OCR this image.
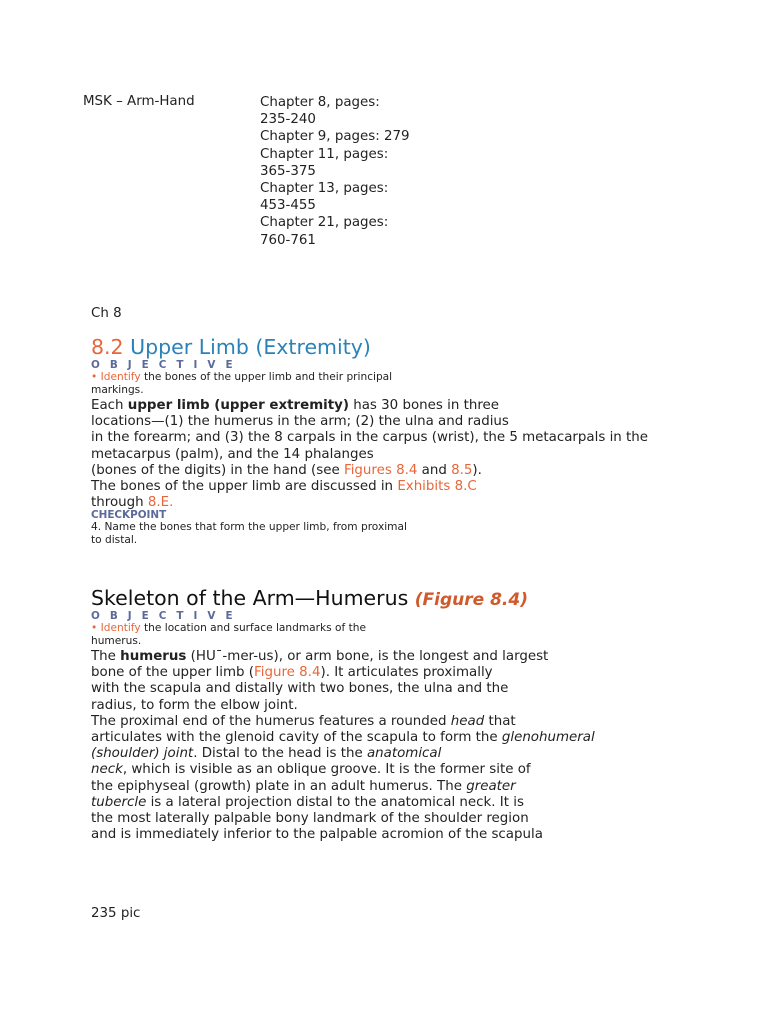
MSK – Arm-Hand	Chapter 8, pages:
235-240
Chapter 9, pages: 279
Chapter 11, pages:
365-375
Chapter 13, pages:
453-455
Chapter 21, pages:
760-761
Ch 8
8.2 Upper Limb (Extremity)
O B J E C T I V E
• Identify the bones of the upper limb and their principal
markings.
Each upper limb (upper extremity) has 30 bones in three
locations—(1) the humerus in the arm; (2) the ulna and radius
in the forearm; and (3) the 8 carpals in the carpus (wrist), the 5 metacarpals in the
metacarpus (palm), and the 14 phalanges
(bones of the digits) in the hand (see Figures 8.4 and 8.5).
The bones of the upper limb are discussed in Exhibits 8.C
through 8.E.
CHECKPOINT
4. Name the bones that form the upper limb, from proximal
to distal.
Skeleton of the Arm—Humerus (Figure 8.4)
O B J E C T I V E
• Identify the location and surface landmarks of the
humerus.
The humerus (HU¯-mer-us), or arm bone, is the longest and largest
bone of the upper limb (Figure 8.4). It articulates proximally
with the scapula and distally with two bones, the ulna and the
radius, to form the elbow joint.
The proximal end of the humerus features a rounded head that
articulates with the glenoid cavity of the scapula to form the glenohumeral
(shoulder) joint. Distal to the head is the anatomical
neck, which is visible as an oblique groove. It is the former site of
the epiphyseal (growth) plate in an adult humerus. The greater
tubercle is a lateral projection distal to the anatomical neck. It is
the most laterally palpable bony landmark of the shoulder region
and is immediately inferior to the palpable acromion of the scapula
235 pic
